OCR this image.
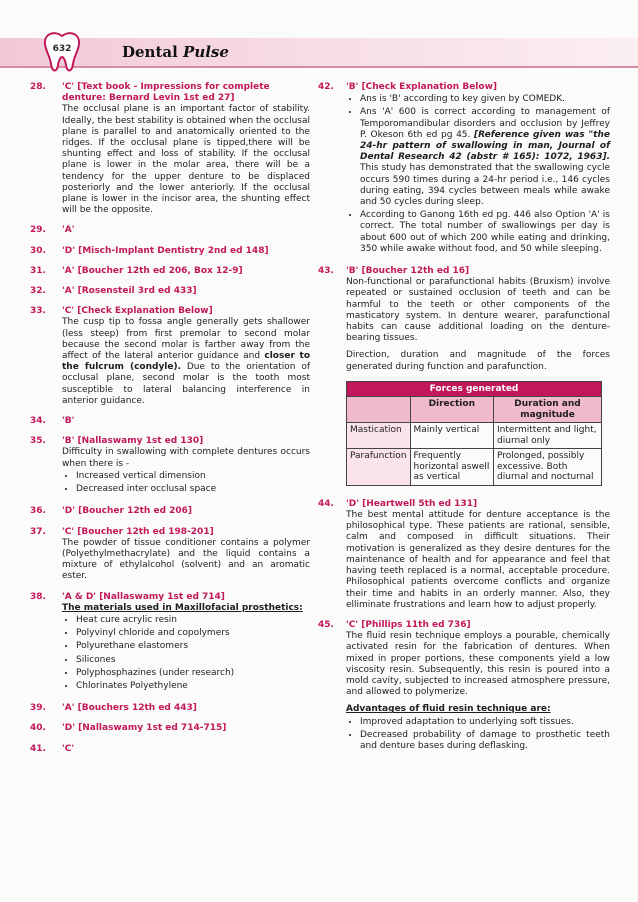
632	Dental Pulse
28.	'C' [Text book - Impressions for complete denture: Bernard Levin 1st ed 27]
The occlusal plane is an important factor of stability. Ideally, the best stability is obtained when the occlusal plane is parallel to and anatomically oriented to the ridges. If the occlusal plane is tipped,there will be shunting effect and loss of stability. If the occlusal plane is lower in the molar area, there will be a tendency for the upper denture to be displaced posteriorly and the lower anteriorly. If the occlusal plane is lower in the incisor area, the shunting effect will be the opposite.
29.	'A'
30.	'D' [Misch-Implant Dentistry 2nd ed 148]
31.	'A' [Boucher 12th ed 206, Box 12-9]
32.	'A' [Rosensteil 3rd ed 433]
33.	'C' [Check Explanation Below]
The cusp tip to fossa angle generally gets shallower (less steep) from first premolar to second molar because the second molar is farther away from the affect of the lateral anterior guidance and closer to the fulcrum (condyle). Due to the orientation of occlusal plane, second molar is the tooth most susceptible to lateral balancing interference in anterior guidance.
34.	'B'
35.	'B' [Nallaswamy 1st ed 130]
Difficulty in swallowing with complete dentures occurs when there is -
• Increased vertical dimension
• Decreased inter occlusal space
36.	'D' [Boucher 12th ed 206]
37.	'C' [Boucher 12th ed 198-201]
The powder of tissue conditioner contains a polymer (Polyethylmethacrylate) and the liquid contains a mixture of ethylalcohol (solvent) and an aromatic ester.
38.	'A & D' [Nallaswamy 1st ed 714]
The materials used in Maxillofacial prosthetics:
• Heat cure acrylic resin
• Polyvinyl chloride and copolymers
• Polyurethane elastomers
• Silicones
• Polyphosphazines (under research)
• Chlorinates Polyethylene
39.	'A' [Bouchers 12th ed 443]
40.	'D' [Nallaswamy 1st ed 714-715]
41.	'C'
42.	'B' [Check Explanation Below]
• Ans is 'B' according to key given by COMEDK.
• Ans 'A' 600 is correct according to management of Temporomandibular disorders and occlusion by Jeffrey P. Okeson 6th ed pg 45. [Reference given was "the 24-hr pattern of swallowing in man, Journal of Dental Research 42 (abstr # 165): 1072, 1963]. This study has demonstrated that the swallowing cycle occurs 590 times during a 24-hr period i.e., 146 cycles during eating, 394 cycles between meals while awake and 50 cycles during sleep.
• According to Ganong 16th ed pg. 446 also Option 'A' is correct. The total number of swallowings per day is about 600 out of which 200 while eating and drinking, 350 while awake without food, and 50 while sleeping.
43.	'B' [Boucher 12th ed 16]
Non-functional or parafunctional habits (Bruxism) involve repeated or sustained occlusion of teeth and can be harmful to the teeth or other components of the masticatory system. In denture wearer, parafunctional habits can cause additional loading on the denture-bearing tissues.
Direction, duration and magnitude of the forces generated during function and parafunction.
Forces generated		
	Direction	Duration and magnitude
Mastication	Mainly vertical	Intermittent and light, diurnal only
Parafunction	Frequently horizontal aswell as vertical	Prolonged, possibly excessive. Both diurnal and nocturnal
44.	'D' [Heartwell 5th ed 131]
The best mental attitude for denture acceptance is the philosophical type. These patients are rational, sensible, calm and composed in difficult situations. Their motivation is generalized as they desire dentures for the maintenance of health and for appearance and feel that having teeth replaced is a normal, acceptable procedure. Philosophical patients overcome conflicts and organize their time and habits in an orderly manner. Also, they elliminate frustrations and learn how to adjust properly.
45.	'C' [Phillips 11th ed 736]
The fluid resin technique employs a pourable, chemically activated resin for the fabrication of dentures. When mixed in proper portions, these components yield a low viscosity resin. Subsequently, this resin is poured into a mold cavity, subjected to increased atmosphere pressure, and allowed to polymerize.
Advantages of fluid resin technique are:
• Improved adaptation to underlying soft tissues.
• Decreased probability of damage to prosthetic teeth and denture bases during deflasking.
